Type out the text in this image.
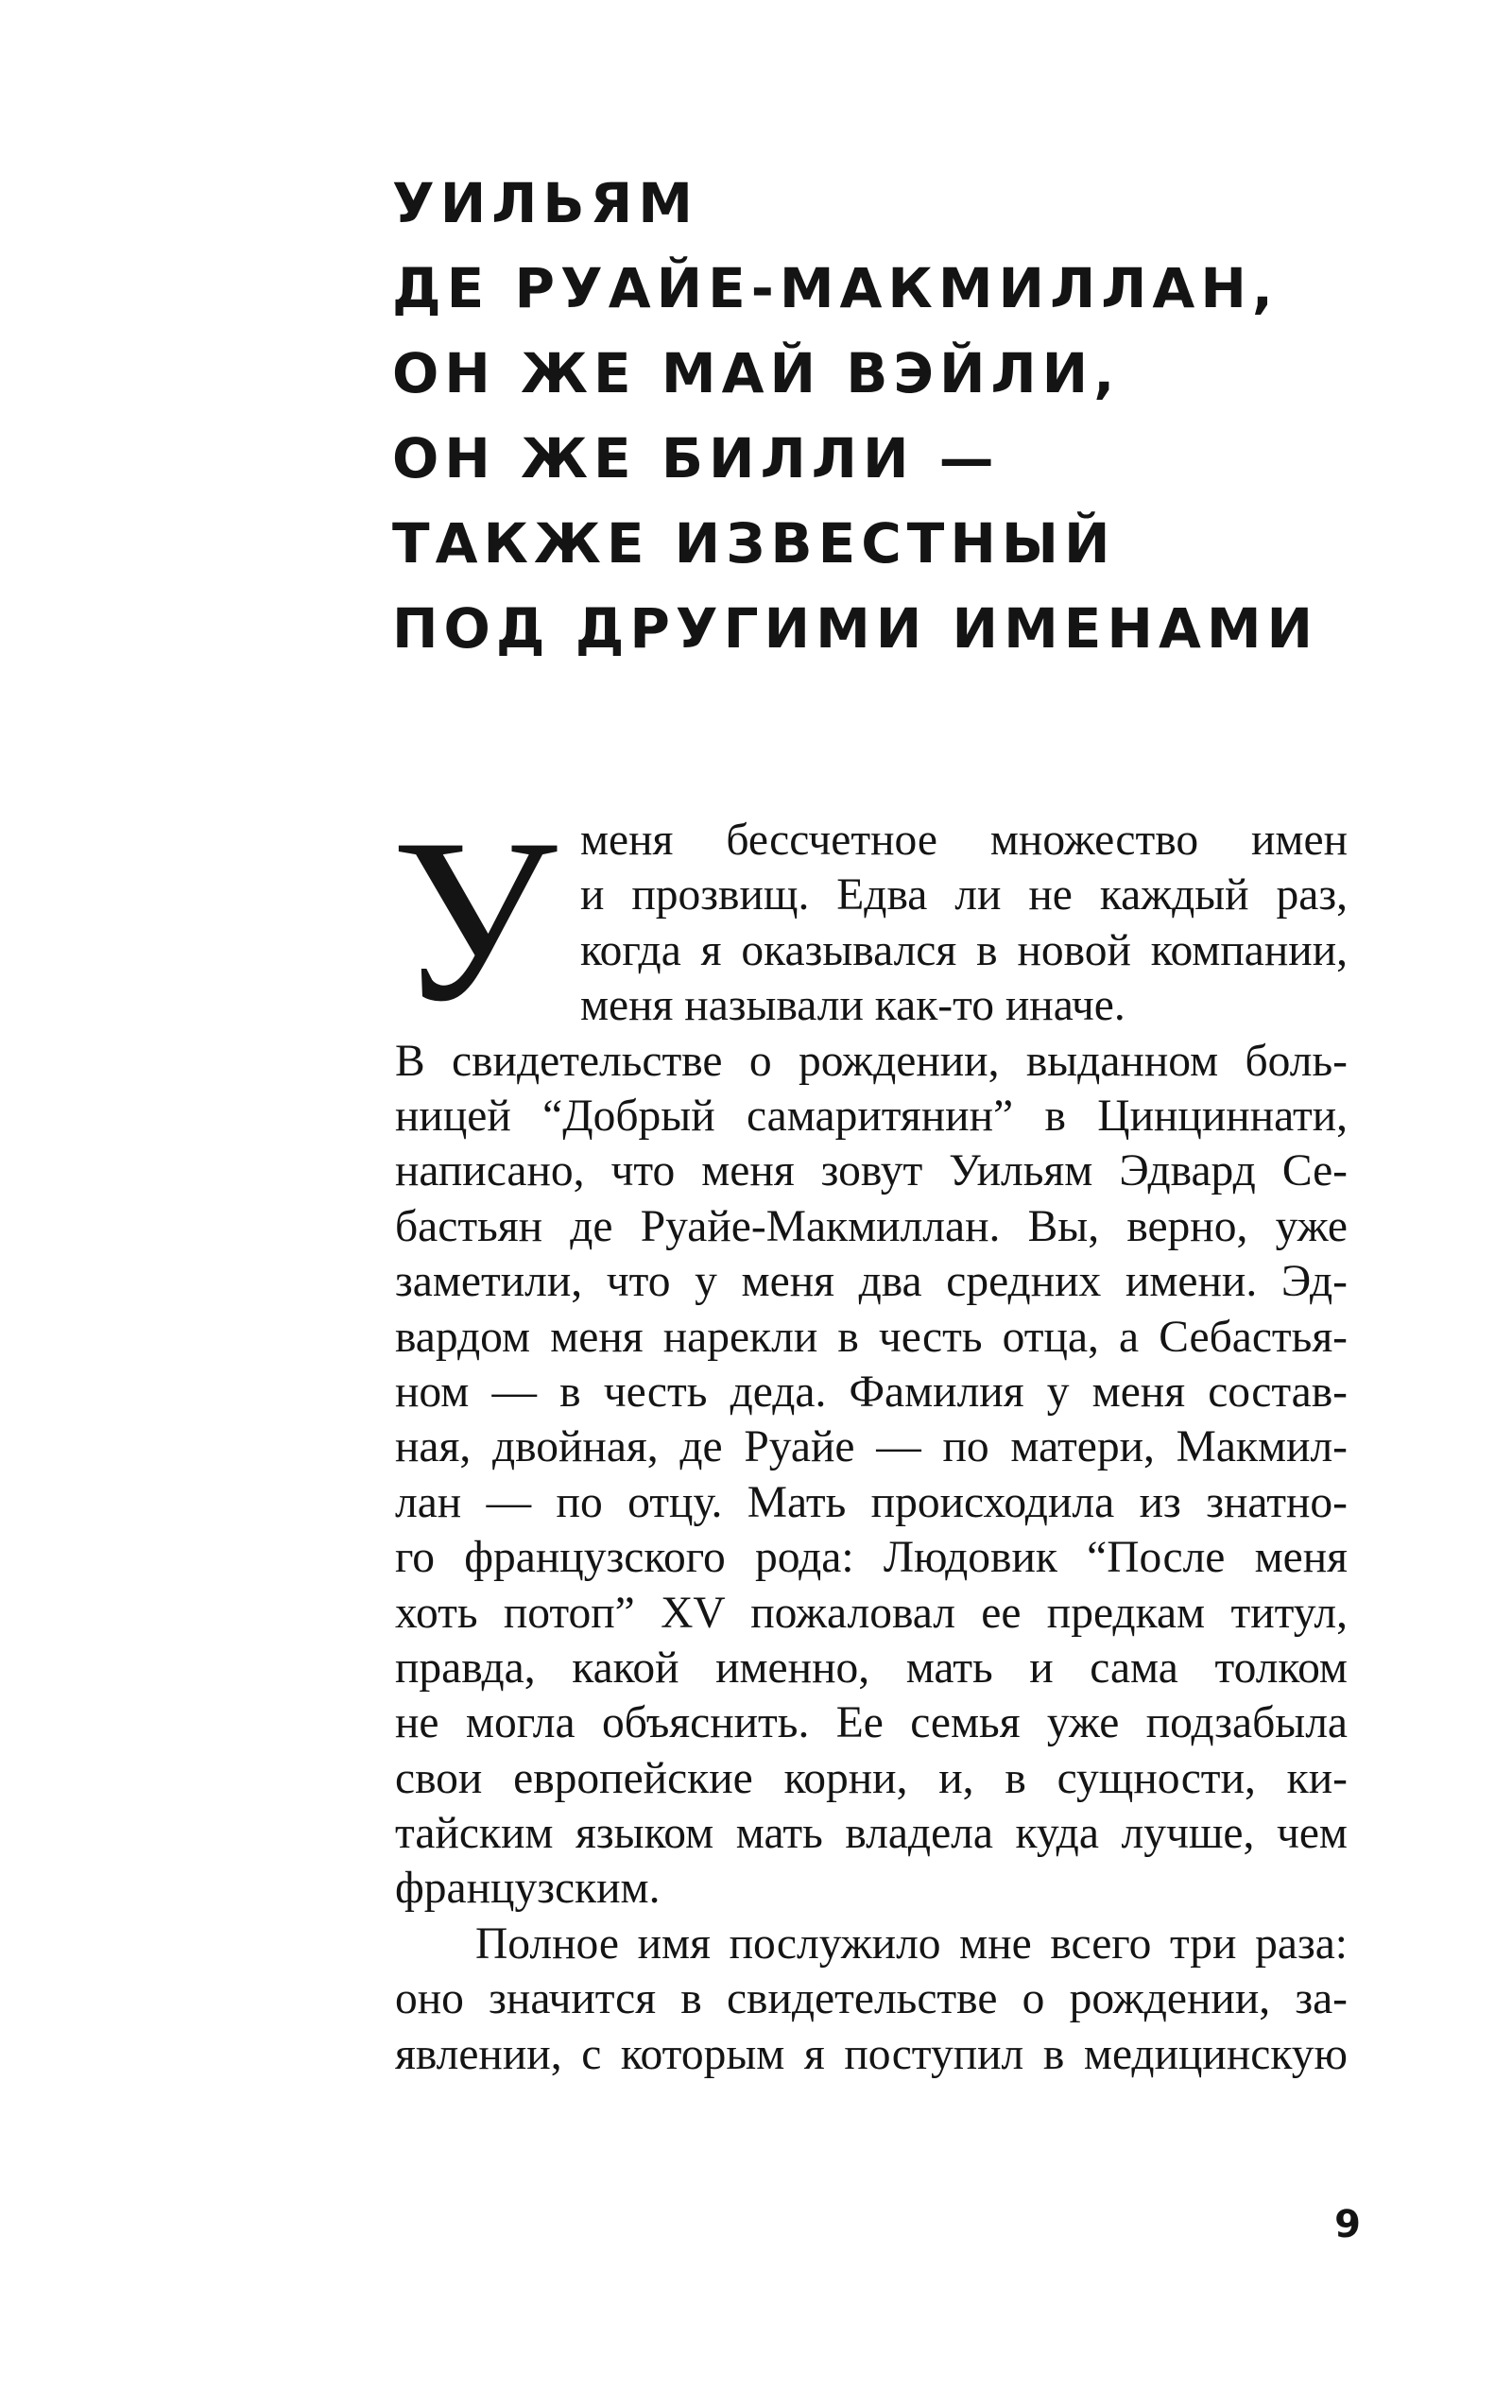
УИЛЬЯМ
ДЕ РУАЙЕ-МАКМИЛЛАН,
ОН ЖЕ МАЙ ВЭЙЛИ,
ОН ЖЕ БИЛЛИ —
ТАКЖЕ ИЗВЕСТНЫЙ
ПОД ДРУГИМИ ИМЕНАМИ
У меня бессчетное множество имен
и прозвищ. Едва ли не каждый раз,
когда я оказывался в новой компании,
меня называли как-то иначе.

В свидетельстве о рождении, выданном боль-
ницей “Добрый самаритянин” в Цинциннати,
написано, что меня зовут Уильям Эдвард Се-
бастьян де Руайе-Макмиллан. Вы, верно, уже
заметили, что у меня два средних имени. Эд-
вардом меня нарекли в честь отца, а Себастья-
ном — в честь деда. Фамилия у меня состав-
ная, двойная, де Руайе — по матери, Макмил-
лан — по отцу. Мать происходила из знатно-
го французского рода: Людовик “После меня
хоть потоп” XV пожаловал ее предкам титул,
правда, какой именно, мать и сама толком
не могла объяснить. Ее семья уже подзабыла
свои европейские корни, и, в сущности, ки-
тайским языком мать владела куда лучше, чем
французским.

Полное имя послужило мне всего три раза:
оно значится в свидетельстве о рождении, за-
явлении, с которым я поступил в медицинскую

9
